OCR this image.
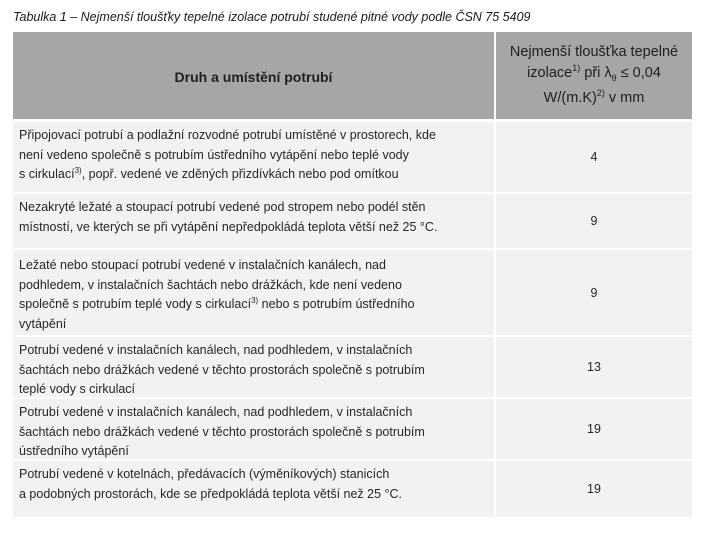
Tabulka 1 – Nejmenší tloušťky tepelné izolace potrubí studené pitné vody podle ČSN 75 5409
Druh a umístění potrubí
Nejmenší tloušťka tepelné
izolace$^{1)}$ při $\lambda_\theta \le 0,04$
$W/(m.K)^{2)}$ v mm
Připojovací potrubí a podlažní rozvodné potrubí umístěné v prostorech, kde
není vedeno společně s potrubím ústředního vytápění nebo teplé vody
s cirkulací$^{3)}$, popř. vedené ve zděných přizdívkách nebo pod omítkou
4
Nezakryté ležaté a stoupací potrubí vedené pod stropem nebo podél stěn
místností, ve kterých se při vytápění nepředpokládá teplota větší než 25 °C.	9
Ležaté nebo stoupací potrubí vedené v instalačních kanálech, nad
podhledem, v instalačních šachtách nebo drážkách, kde není vedeno
společně s potrubím teplé vody s cirkulací$^{3)}$ nebo s potrubím ústředního
vytápění
9
Potrubí vedené v instalačních kanálech, nad podhledem, v instalačních
šachtách nebo drážkách vedené v těchto prostorách společně s potrubím
teplé vody s cirkulací
13
Potrubí vedené v instalačních kanálech, nad podhledem, v instalačních
šachtách nebo drážkách vedené v těchto prostorách společně s potrubím
ústředního vytápění
19
Potrubí vedené v kotelnách, předávacích (výměníkových) stanicích
a podobných prostorách, kde se předpokládá teplota větší než 25 °C.	19
